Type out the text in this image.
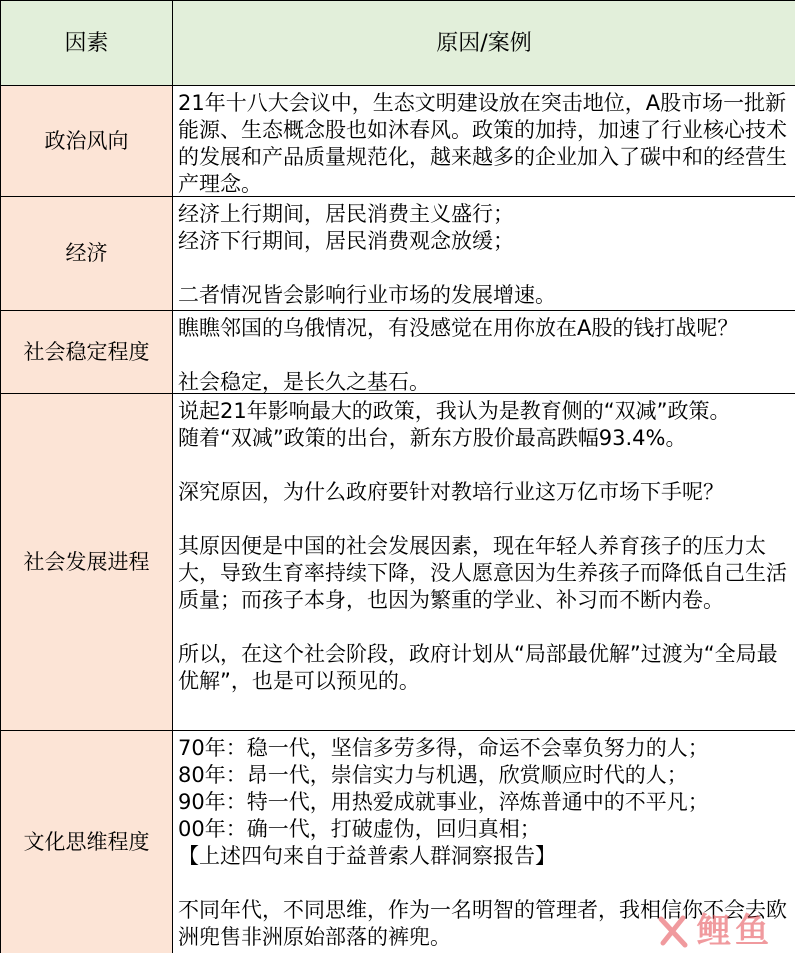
因素	原因/案例
政治风向
21年十八大会议中，生态文明建设放在突击地位，A股市场一批新能源、生态概念股也如沐春风。政策的加持，加速了行业核心技术的发展和产品质量规范化，越来越多的企业加入了碳中和的经营生产理念。
经济
经济上行期间，居民消费主义盛行；
经济下行期间，居民消费观念放缓；
二者情况皆会影响行业市场的发展增速。
社会稳定程度
瞧瞧邻国的乌俄情况，有没感觉在用你放在A股的钱打战呢？
社会稳定，是长久之基石。
社会发展进程
说起21年影响最大的政策，我认为是教育侧的“双减”政策。
随着“双减”政策的出台，新东方股价最高跌幅93.4%。
深究原因，为什么政府要针对教培行业这万亿市场下手呢？
其原因便是中国的社会发展因素，现在年轻人养育孩子的压力太大，导致生育率持续下降，没人愿意因为生养孩子而降低自己生活质量；而孩子本身，也因为繁重的学业、补习而不断内卷。
所以，在这个社会阶段，政府计划从“局部最优解”过渡为“全局最优解”，也是可以预见的。
文化思维程度
70年：稳一代，坚信多劳多得，命运不会辜负努力的人；
80年：昂一代，崇信实力与机遇，欣赏顺应时代的人；
90年：特一代，用热爱成就事业，淬炼普通中的不平凡；
00年：确一代，打破虚伪，回归真相；
【上述四句来自于益普索人群洞察报告】
不同年代，不同思维，作为一名明智的管理者，我相信你不会去欧洲兜售非洲原始部落的裤兜。	鲤鱼
